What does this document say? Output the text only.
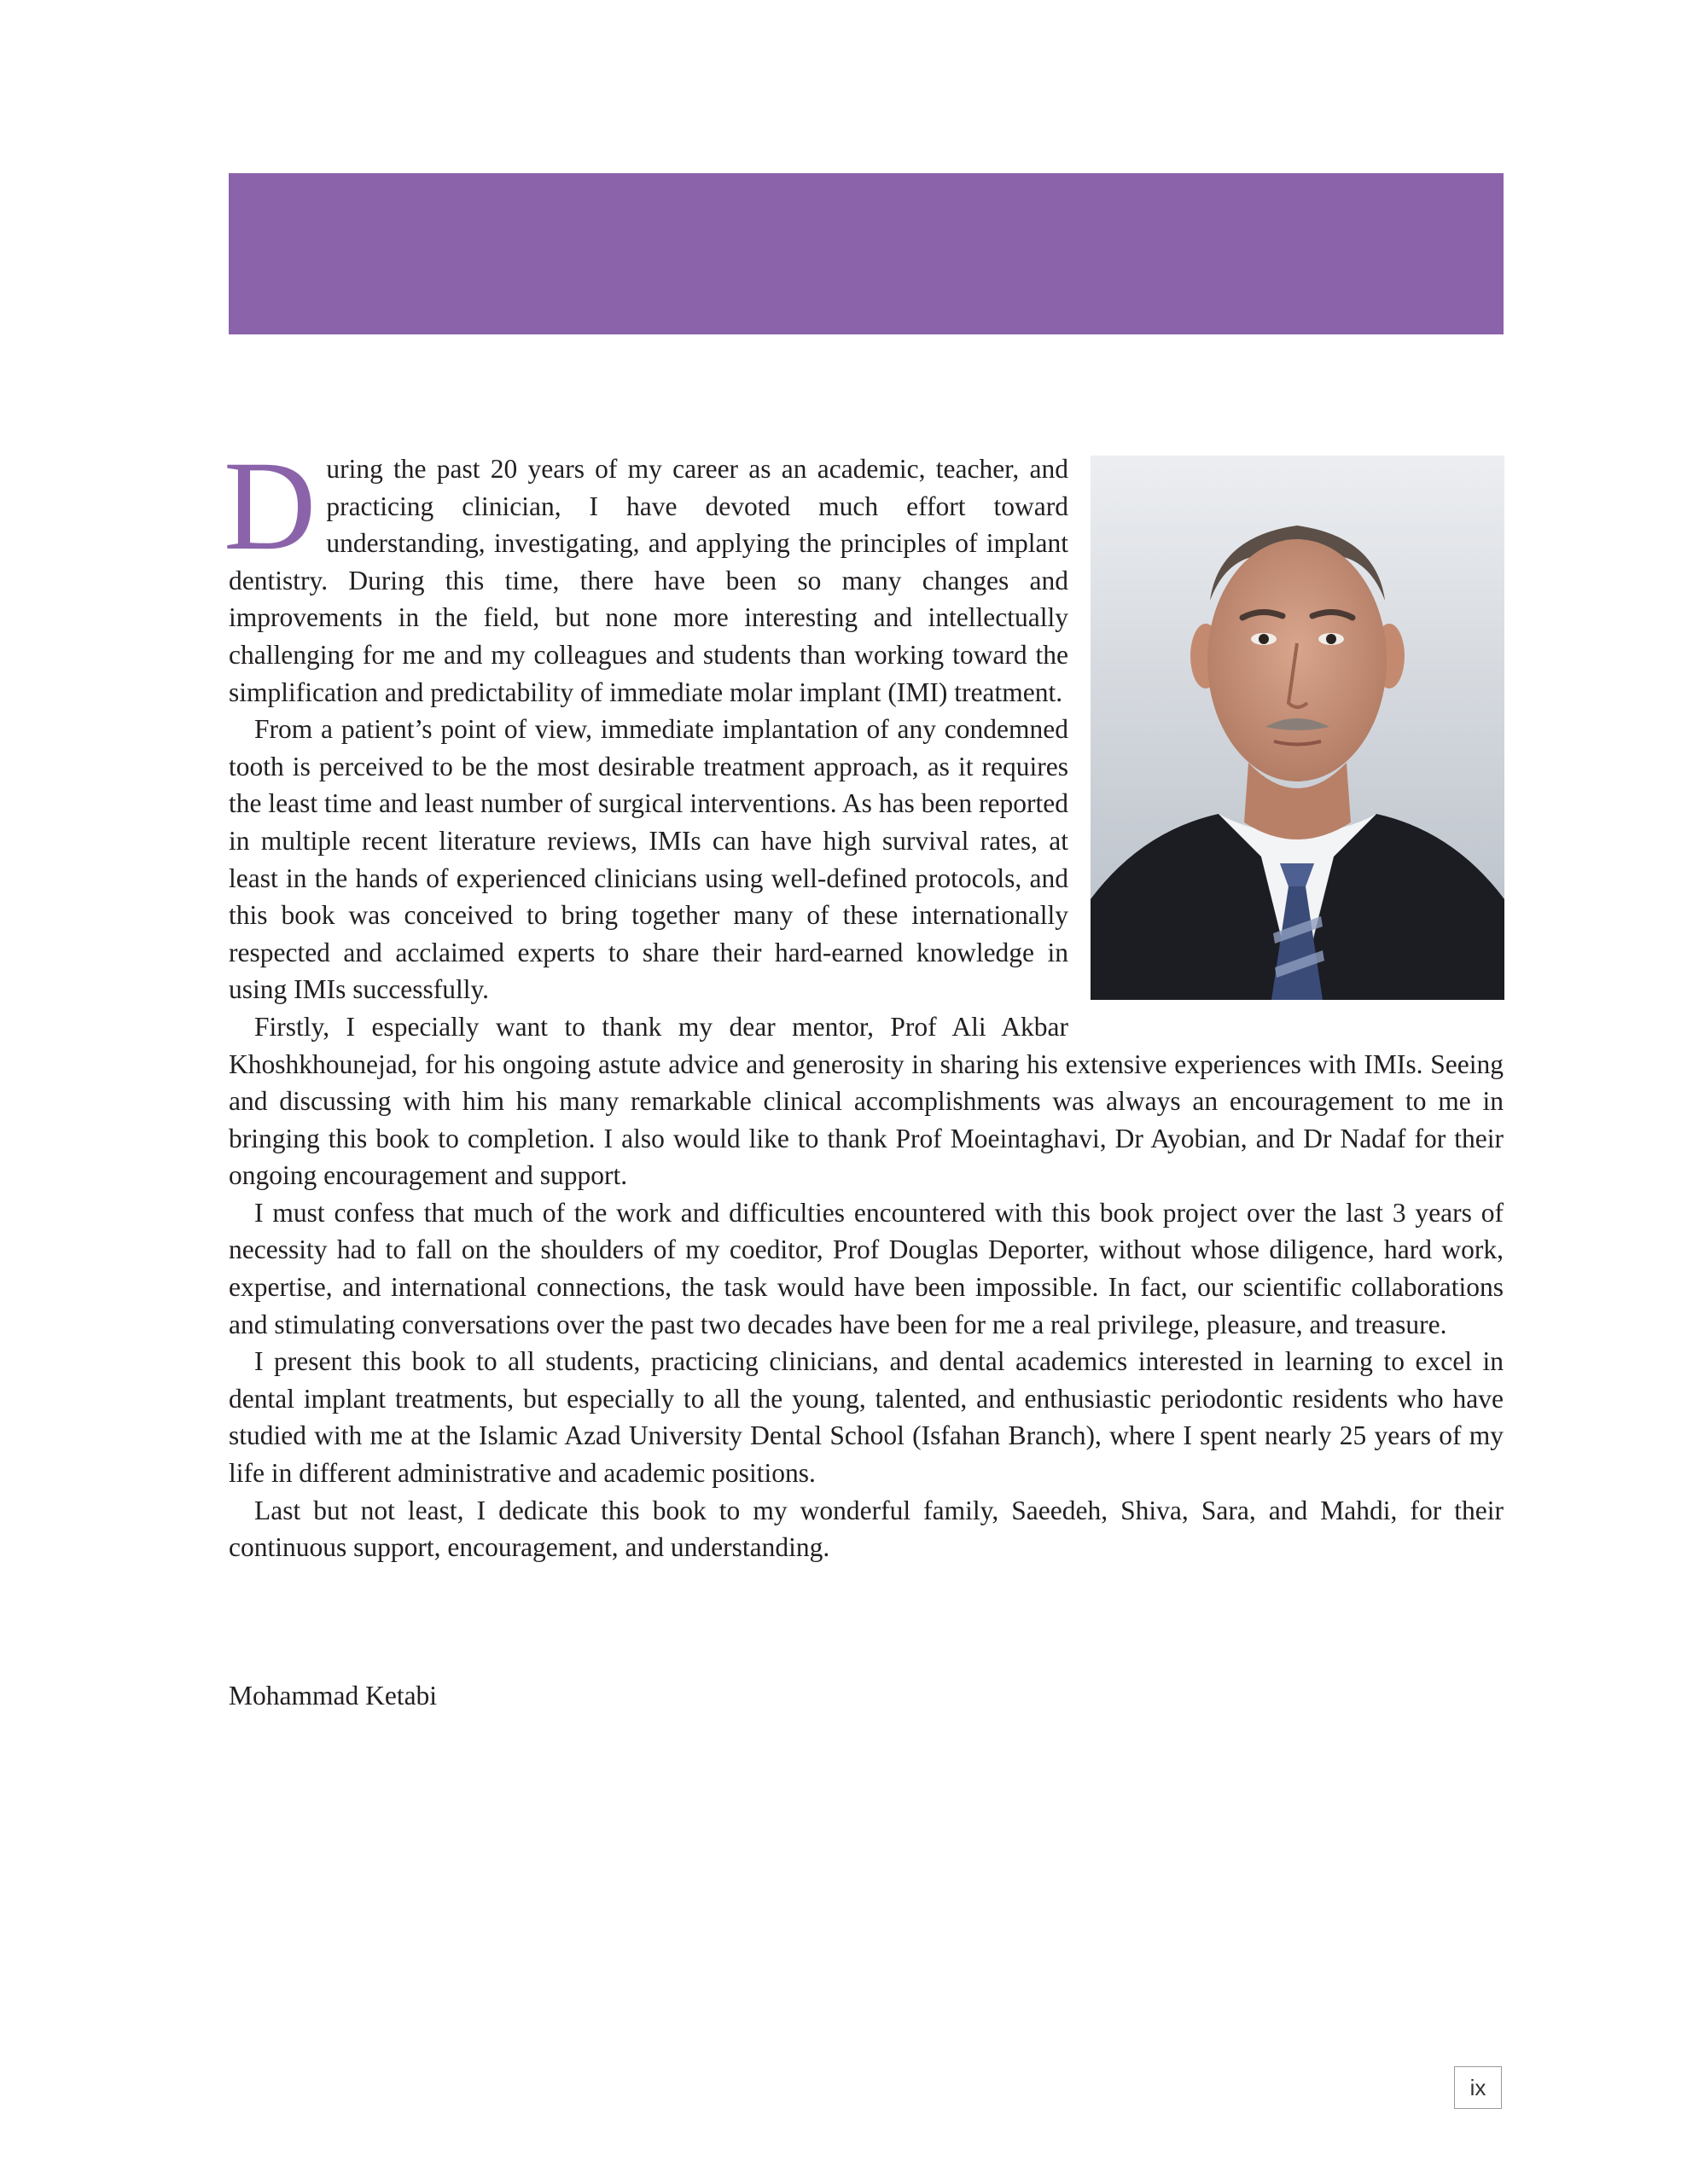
During the past 20 years of my career as an academic, teacher, and practicing clinician, I have devoted much effort toward understanding, investigating, and applying the principles of implant dentistry. During this time, there have been so many changes and improvements in the field, but none more interesting and intellectually challenging for me and my colleagues and students than working toward the simplification and predictability of immediate molar implant (IMI) treatment.

From a patient’s point of view, immediate implantation of any condemned tooth is perceived to be the most desirable treatment approach, as it requires the least time and least number of surgical interventions. As has been reported in multiple recent literature reviews, IMIs can have high survival rates, at least in the hands of experienced clinicians using well-defined protocols, and this book was conceived to bring together many of these internationally respected and acclaimed experts to share their hard-earned knowledge in using IMIs successfully.

Firstly, I especially want to thank my dear mentor, Prof Ali Akbar Khoshkhounejad, for his ongoing astute advice and generosity in sharing his extensive experiences with IMIs. Seeing and discussing with him his many remarkable clinical accomplishments was always an encouragement to me in bringing this book to completion. I also would like to thank Prof Moeintaghavi, Dr Ayobian, and Dr Nadaf for their ongoing encouragement and support.

I must confess that much of the work and difficulties encountered with this book project over the last 3 years of necessity had to fall on the shoulders of my coeditor, Prof Douglas Deporter, without whose diligence, hard work, expertise, and international connections, the task would have been impossible. In fact, our scientific collaborations and stimulating conversations over the past two decades have been for me a real privilege, pleasure, and treasure.

I present this book to all students, practicing clinicians, and dental academics interested in learning to excel in dental implant treatments, but especially to all the young, talented, and enthusiastic periodontic residents who have studied with me at the Islamic Azad University Dental School (Isfahan Branch), where I spent nearly 25 years of my life in different administrative and academic positions.

Last but not least, I dedicate this book to my wonderful family, Saeedeh, Shiva, Sara, and Mahdi, for their continuous support, encouragement, and understanding.

Mohammad Ketabi
ix
